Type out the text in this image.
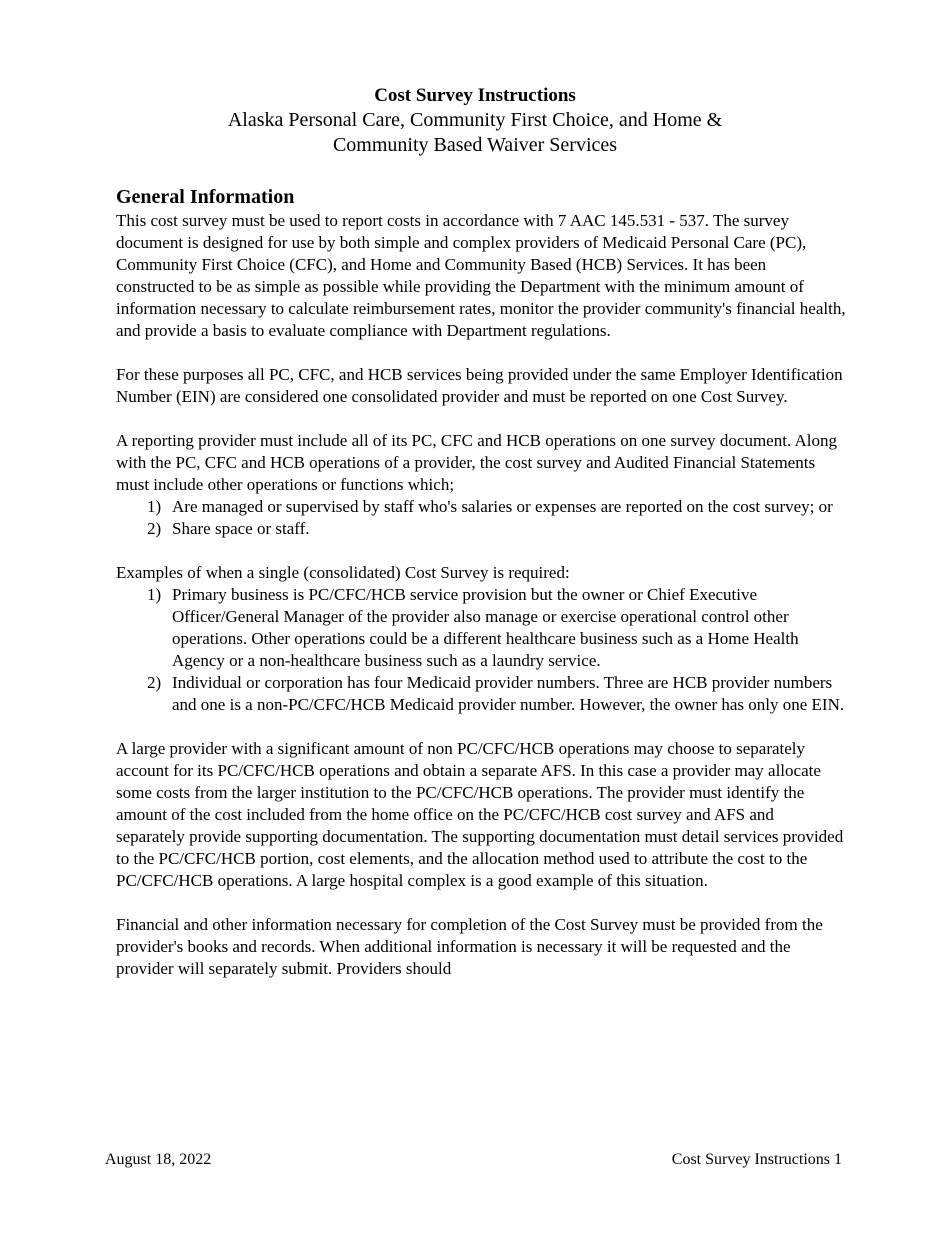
Cost Survey Instructions
Alaska Personal Care, Community First Choice, and Home &
Community Based Waiver Services
General Information

This cost survey must be used to report costs in accordance with 7 AAC 145.531 - 537. The survey document is designed for use by both simple and complex providers of Medicaid Personal Care (PC), Community First Choice (CFC), and Home and Community Based (HCB) Services. It has been constructed to be as simple as possible while providing the Department with the minimum amount of information necessary to calculate reimbursement rates, monitor the provider community's financial health, and provide a basis to evaluate compliance with Department regulations.

For these purposes all PC, CFC, and HCB services being provided under the same Employer Identification Number (EIN) are considered one consolidated provider and must be reported on one Cost Survey.

A reporting provider must include all of its PC, CFC and HCB operations on one survey document. Along with the PC, CFC and HCB operations of a provider, the cost survey and Audited Financial Statements must include other operations or functions which;

1) Are managed or supervised by staff who's salaries or expenses are reported on the cost survey; or
2) Share space or staff.

Examples of when a single (consolidated) Cost Survey is required:

1) Primary business is PC/CFC/HCB service provision but the owner or Chief Executive Officer/General Manager of the provider also manage or exercise operational control other operations. Other operations could be a different healthcare business such as a Home Health Agency or a non-healthcare business such as a laundry service.
2) Individual or corporation has four Medicaid provider numbers. Three are HCB provider numbers and one is a non-PC/CFC/HCB Medicaid provider number. However, the owner has only one EIN.

A large provider with a significant amount of non PC/CFC/HCB operations may choose to separately account for its PC/CFC/HCB operations and obtain a separate AFS. In this case a provider may allocate some costs from the larger institution to the PC/CFC/HCB operations. The provider must identify the amount of the cost included from the home office on the PC/CFC/HCB cost survey and AFS and separately provide supporting documentation. The supporting documentation must detail services provided to the PC/CFC/HCB portion, cost elements, and the allocation method used to attribute the cost to the PC/CFC/HCB operations. A large hospital complex is a good example of this situation.

Financial and other information necessary for completion of the Cost Survey must be provided from the provider's books and records. When additional information is necessary it will be requested and the provider will separately submit. Providers should

August 18, 2022	Cost Survey Instructions 1
